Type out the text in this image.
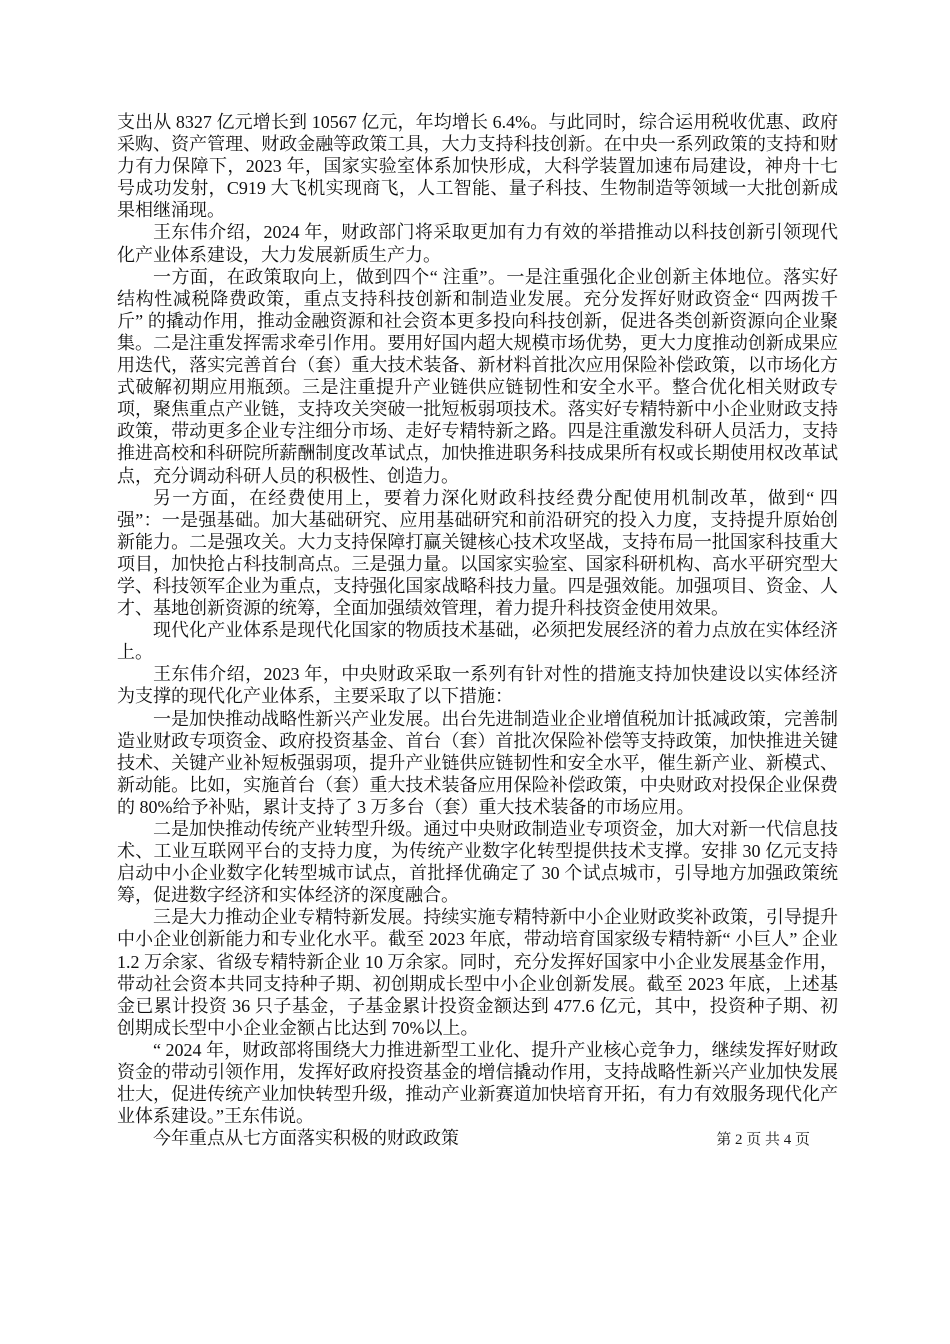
支出从 8327 亿元增长到 10567 亿元，年均增长 6.4%。与此同时，综合运用税收优惠、政府采购、资产管理、财政金融等政策工具，大力支持科技创新。在中央一系列政策的支持和财力有力保障下，2023 年，国家实验室体系加快形成，大科学装置加速布局建设，神舟十七号成功发射，C919 大飞机实现商飞，人工智能、量子科技、生物制造等领域一大批创新成果相继涌现。

王东伟介绍，2024 年，财政部门将采取更加有力有效的举措推动以科技创新引领现代化产业体系建设，大力发展新质生产力。

一方面，在政策取向上，做到四个“ 注重”。一是注重强化企业创新主体地位。落实好结构性减税降费政策，重点支持科技创新和制造业发展。充分发挥好财政资金“ 四两拨千斤” 的撬动作用，推动金融资源和社会资本更多投向科技创新，促进各类创新资源向企业聚集。二是注重发挥需求牵引作用。要用好国内超大规模市场优势，更大力度推动创新成果应用迭代，落实完善首台（套）重大技术装备、新材料首批次应用保险补偿政策，以市场化方式破解初期应用瓶颈。三是注重提升产业链供应链韧性和安全水平。整合优化相关财政专项，聚焦重点产业链，支持攻关突破一批短板弱项技术。落实好专精特新中小企业财政支持政策，带动更多企业专注细分市场、走好专精特新之路。四是注重激发科研人员活力，支持推进高校和科研院所薪酬制度改革试点，加快推进职务科技成果所有权或长期使用权改革试点，充分调动科研人员的积极性、创造力。

另一方面，在经费使用上，要着力深化财政科技经费分配使用机制改革，做到“ 四强”：一是强基础。加大基础研究、应用基础研究和前沿研究的投入力度，支持提升原始创新能力。二是强攻关。大力支持保障打赢关键核心技术攻坚战，支持布局一批国家科技重大项目，加快抢占科技制高点。三是强力量。以国家实验室、国家科研机构、高水平研究型大学、科技领军企业为重点，支持强化国家战略科技力量。四是强效能。加强项目、资金、人才、基地创新资源的统筹，全面加强绩效管理，着力提升科技资金使用效果。

现代化产业体系是现代化国家的物质技术基础，必须把发展经济的着力点放在实体经济上。

王东伟介绍，2023 年，中央财政采取一系列有针对性的措施支持加快建设以实体经济为支撑的现代化产业体系，主要采取了以下措施：

一是加快推动战略性新兴产业发展。出台先进制造业企业增值税加计抵减政策，完善制造业财政专项资金、政府投资基金、首台（套）首批次保险补偿等支持政策，加快推进关键技术、关键产业补短板强弱项，提升产业链供应链韧性和安全水平，催生新产业、新模式、新动能。比如，实施首台（套）重大技术装备应用保险补偿政策，中央财政对投保企业保费的 80%给予补贴，累计支持了 3 万多台（套）重大技术装备的市场应用。

二是加快推动传统产业转型升级。通过中央财政制造业专项资金，加大对新一代信息技术、工业互联网平台的支持力度，为传统产业数字化转型提供技术支撑。安排 30 亿元支持启动中小企业数字化转型城市试点，首批择优确定了 30 个试点城市，引导地方加强政策统筹，促进数字经济和实体经济的深度融合。

三是大力推动企业专精特新发展。持续实施专精特新中小企业财政奖补政策，引导提升中小企业创新能力和专业化水平。截至 2023 年底，带动培育国家级专精特新“ 小巨人” 企业 1.2 万余家、省级专精特新企业 10 万余家。同时，充分发挥好国家中小企业发展基金作用，带动社会资本共同支持种子期、初创期成长型中小企业创新发展。截至 2023 年底，上述基金已累计投资 36 只子基金，子基金累计投资金额达到 477.6 亿元，其中，投资种子期、初创期成长型中小企业金额占比达到 70%以上。

“ 2024 年，财政部将围绕大力推进新型工业化、提升产业核心竞争力，继续发挥好财政资金的带动引领作用，发挥好政府投资基金的增信撬动作用，支持战略性新兴产业加快发展壮大，促进传统产业加快转型升级，推动产业新赛道加快培育开拓，有力有效服务现代化产业体系建设。”王东伟说。

今年重点从七方面落实积极的财政政策	第 2 页 共 4 页
